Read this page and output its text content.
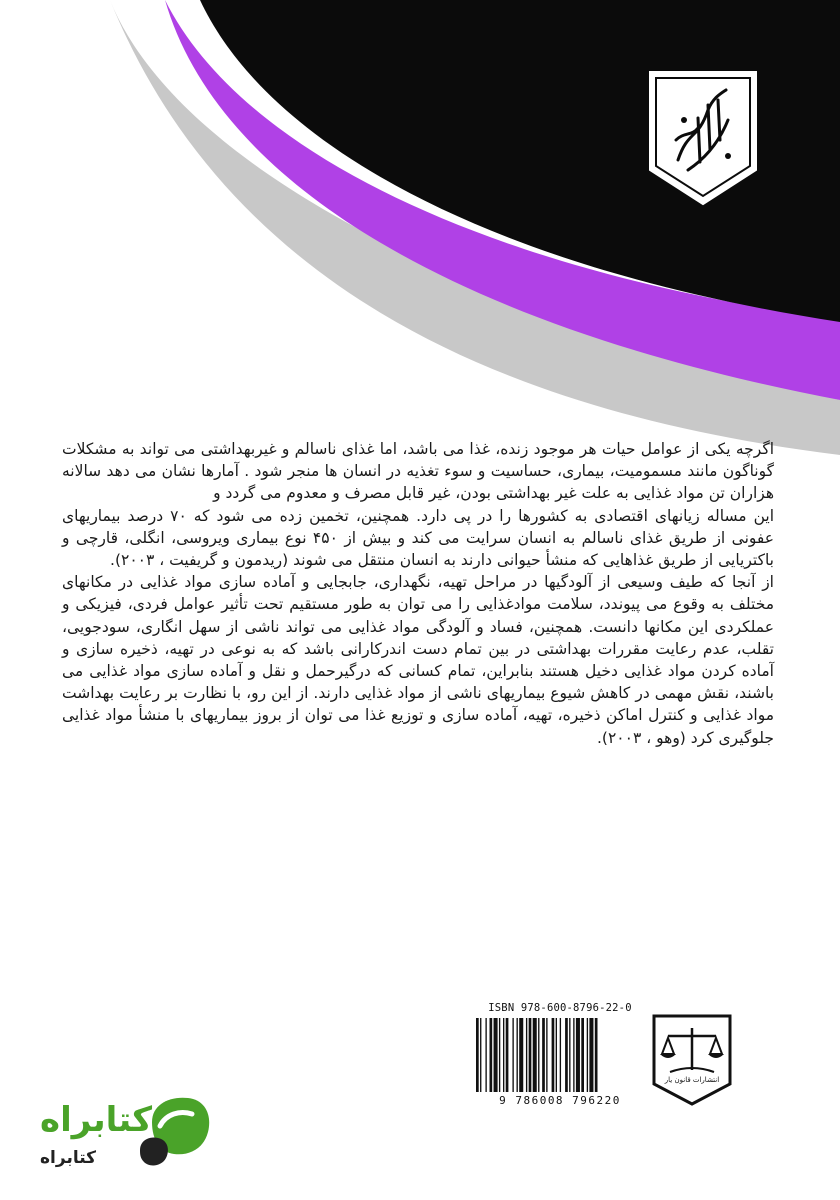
اگرچه یکی از عوامل حیات هر موجود زنده، غذا می باشد، اما غذای ناسالم و غیربهداشتی می تواند به مشکلات گوناگون مانند مسمومیت، بیماری، حساسیت و سوء تغذیه در انسان ها منجر شود . آمارها نشان می دهد سالانه هزاران تن مواد غذایی به علت غیر بهداشتی بودن، غیر قابل مصرف و معدوم می گردد و

این مساله زیانهای اقتصادی به کشورها را در پی دارد. همچنین، تخمین زده می شود که ۷۰ درصد بیماریهای عفونی از طریق غذای ناسالم به انسان سرایت می کند و بیش از ۴۵۰ نوع بیماری ویروسی، انگلی، قارچی و باکتریایی از طریق غذاهایی که منشأ حیوانی دارند به انسان منتقل می شوند (ریدمون و گریفیت ، ۲۰۰۳).

از آنجا که طیف وسیعی از آلودگیها در مراحل تهیه، نگهداری، جابجایی و آماده سازی مواد غذایی در مکانهای مختلف به وقوع می پیوندد، سلامت موادغذایی را می توان به طور مستقیم تحت تأثیر عوامل فردی، فیزیکی و عملکردی این مکانها دانست. همچنین، فساد و آلودگی مواد غذایی می تواند ناشی از سهل انگاری، سودجویی، تقلب، عدم رعایت مقررات بهداشتی در بین تمام دست اندرکارانی باشد که به نوعی در تهیه، ذخیره سازی و آماده کردن مواد غذایی دخیل هستند بنابراین، تمام کسانی که درگیرحمل و نقل و آماده سازی مواد غذایی می باشند، نقش مهمی در کاهش شیوع بیماریهای ناشی از مواد غذایی دارند. از این رو، با نظارت بر رعایت بهداشت مواد غذایی و کنترل اماکن ذخیره، تهیه، آماده سازی و توزیع غذا می توان از بروز بیماریهای با منشأ مواد غذایی جلوگیری کرد (وهو ، ۲۰۰۳).

ISBN 978-600-8796-22-0
9 786008 796220
انتشارات قانون یار
کتابراه
کتابراه
